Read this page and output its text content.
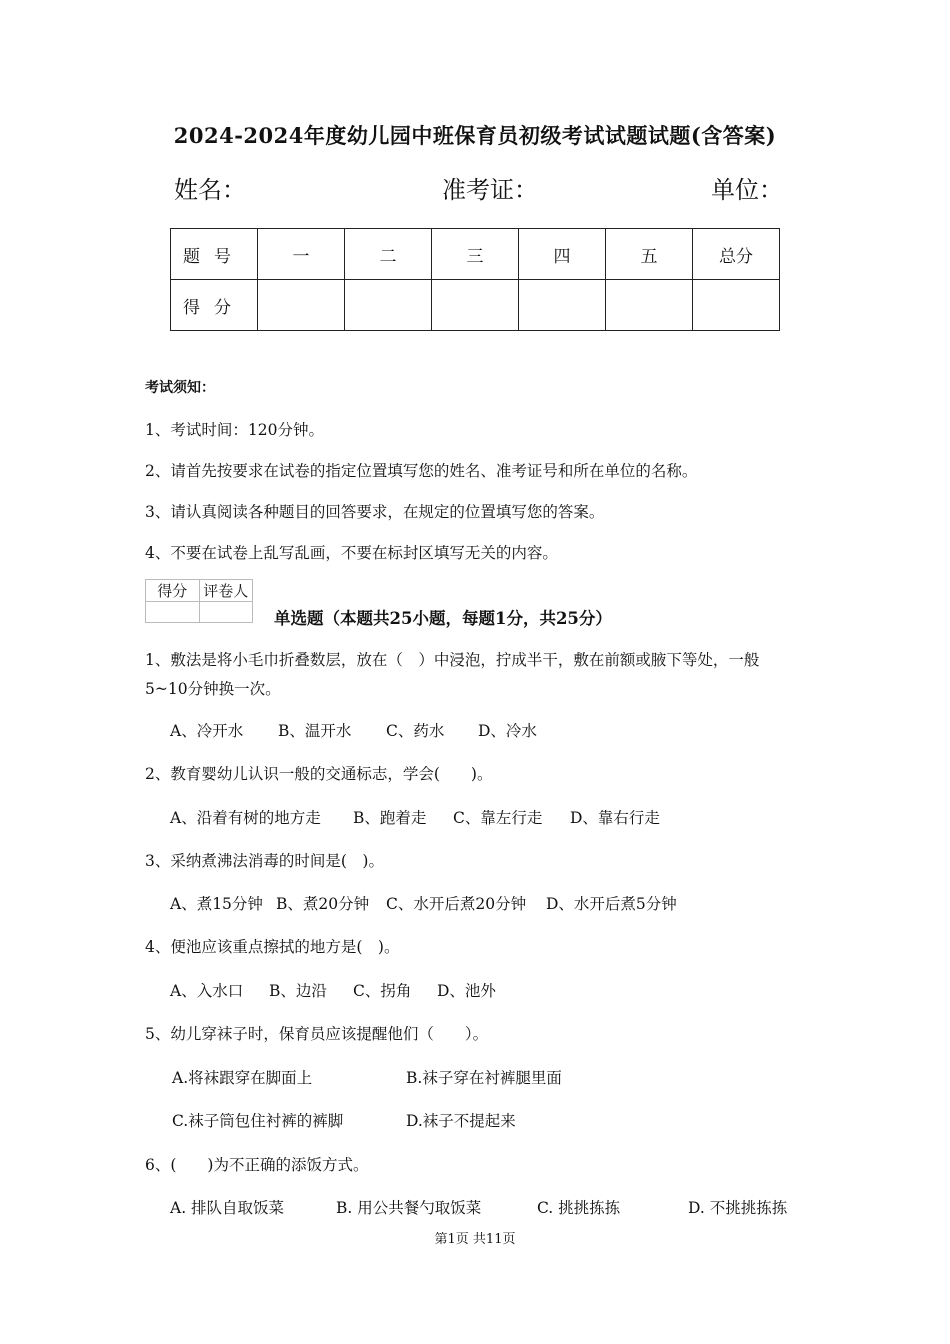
2024-2024年度幼儿园中班保育员初级考试试题试题(含答案)
姓名：	准考证：	单位：
题号	一	二	三	四	五	总分
得分						
考试须知：
1、考试时间：120分钟。
2、请首先按要求在试卷的指定位置填写您的姓名、准考证号和所在单位的名称。
3、请认真阅读各种题目的回答要求，在规定的位置填写您的答案。
4、不要在试卷上乱写乱画，不要在标封区填写无关的内容。
得分	评卷人

单选题（本题共25小题，每题1分，共25分）
1、敷法是将小毛巾折叠数层，放在（　）中浸泡，拧成半干，敷在前额或腋下等处，一般
5~10分钟换一次。
A、冷开水 B、温开水 C、药水 D、冷水
2、教育婴幼儿认识一般的交通标志，学会(　　)。
A、沿着有树的地方走 B、跑着走 C、靠左行走 D、靠右行走
3、采纳煮沸法消毒的时间是(　)。
A、煮15分钟 B、煮20分钟 C、水开后煮20分钟 D、水开后煮5分钟
4、便池应该重点擦拭的地方是(　)。
A、入水口 B、边沿 C、拐角 D、池外
5、幼儿穿袜子时，保育员应该提醒他们（　　）。
A.将袜跟穿在脚面上	B.袜子穿在衬裤腿里面
C.袜子筒包住衬裤的裤脚	D.袜子不提起来
6、(　　)为不正确的添饭方式。
A. 排队自取饭菜	B. 用公共餐勺取饭菜	C. 挑挑拣拣	D. 不挑挑拣拣
第1页 共11页
